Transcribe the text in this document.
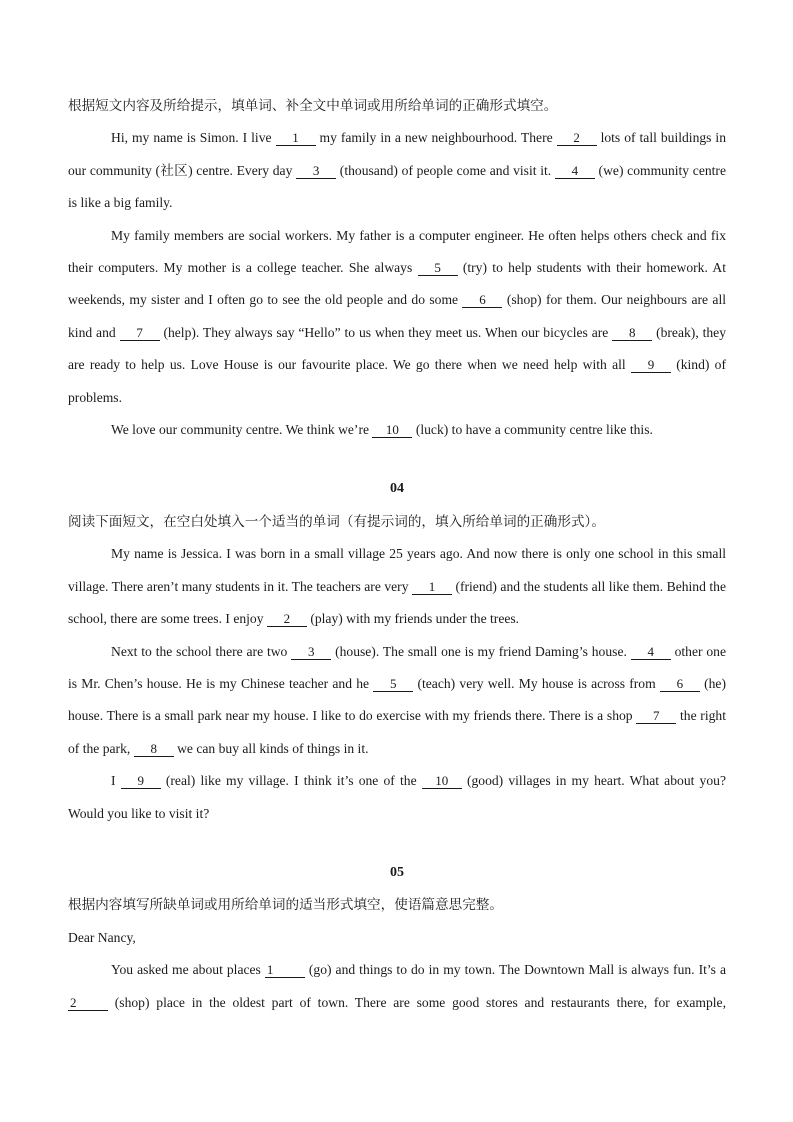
根据短文内容及所给提示，填单词、补全文中单词或用所给单词的正确形式填空。

Hi, my name is Simon. I live 1 my family in a new neighbourhood. There 2 lots of tall buildings in our community (社区) centre. Every day 3 (thousand) of people come and visit it. 4 (we) community centre is like a big family.

My family members are social workers. My father is a computer engineer. He often helps others check and fix their computers. My mother is a college teacher. She always 5 (try) to help students with their homework. At weekends, my sister and I often go to see the old people and do some 6 (shop) for them. Our neighbours are all kind and 7 (help). They always say “Hello” to us when they meet us. When our bicycles are 8 (break), they are ready to help us. Love House is our favourite place. We go there when we need help with all 9 (kind) of problems.

We love our community centre. We think we’re 10 (luck) to have a community centre like this.

04

阅读下面短文，在空白处填入一个适当的单词（有提示词的，填入所给单词的正确形式）。

My name is Jessica. I was born in a small village 25 years ago. And now there is only one school in this small village. There aren’t many students in it. The teachers are very 1 (friend) and the students all like them. Behind the school, there are some trees. I enjoy 2 (play) with my friends under the trees.

Next to the school there are two 3 (house). The small one is my friend Daming’s house. 4 other one is Mr. Chen’s house. He is my Chinese teacher and he 5 (teach) very well. My house is across from 6 (he) house. There is a small park near my house. I like to do exercise with my friends there. There is a shop 7 the right of the park, 8 we can buy all kinds of things in it.

I 9 (real) like my village. I think it’s one of the 10 (good) villages in my heart. What about you? Would you like to visit it?

05

根据内容填写所缺单词或用所给单词的适当形式填空，使语篇意思完整。

Dear Nancy,

You asked me about places 1 (go) and things to do in my town. The Downtown Mall is always fun. It’s a 2 (shop) place in the oldest part of town. There are some good stores and restaurants there, for example,
